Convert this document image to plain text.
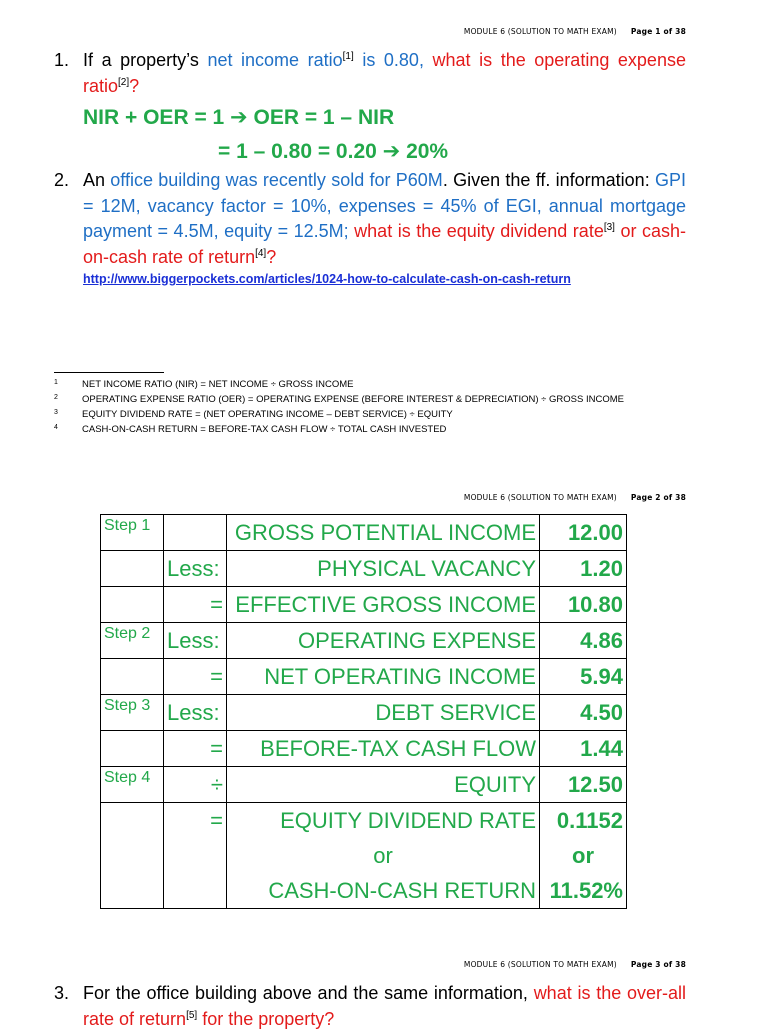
MODULE 6 (SOLUTION TO MATH EXAM) Page 1 of 38
1. If a property’s net income ratio[1] is 0.80, what is the operating expense ratio[2]?
NIR + OER = 1 ➔ OER = 1 – NIR
= 1 – 0.80 = 0.20 ➔ 20%
2. An office building was recently sold for P60M. Given the ff. information: GPI = 12M, vacancy factor = 10%, expenses = 45% of EGI, annual mortgage payment = 4.5M, equity = 12.5M; what is the equity dividend rate[3] or cash-on-cash rate of return[4]?
http://www.biggerpockets.com/articles/1024-how-to-calculate-cash-on-cash-return
1	NET INCOME RATIO (NIR) = NET INCOME ÷ GROSS INCOME
2	OPERATING EXPENSE RATIO (OER) = OPERATING EXPENSE (BEFORE INTEREST & DEPRECIATION) ÷ GROSS INCOME
3	EQUITY DIVIDEND RATE = (NET OPERATING INCOME – DEBT SERVICE) ÷ EQUITY
4	CASH-ON-CASH RETURN = BEFORE-TAX CASH FLOW ÷ TOTAL CASH INVESTED
MODULE 6 (SOLUTION TO MATH EXAM) Page 2 of 38
Step 1		GROSS POTENTIAL INCOME	12.00
	Less:	PHYSICAL VACANCY	1.20
	=	EFFECTIVE GROSS INCOME	10.80
Step 2	Less:	OPERATING EXPENSE	4.86
	=	NET OPERATING INCOME	5.94
Step 3	Less:	DEBT SERVICE	4.50
	=	BEFORE-TAX CASH FLOW	1.44
Step 4	÷	EQUITY	12.50
	=	EQUITY DIVIDEND RATE	0.1152
		or	or
		CASH-ON-CASH RETURN	11.52%
MODULE 6 (SOLUTION TO MATH EXAM) Page 3 of 38
3. For the office building above and the same information, what is the over-all rate of return[5] for the property?
